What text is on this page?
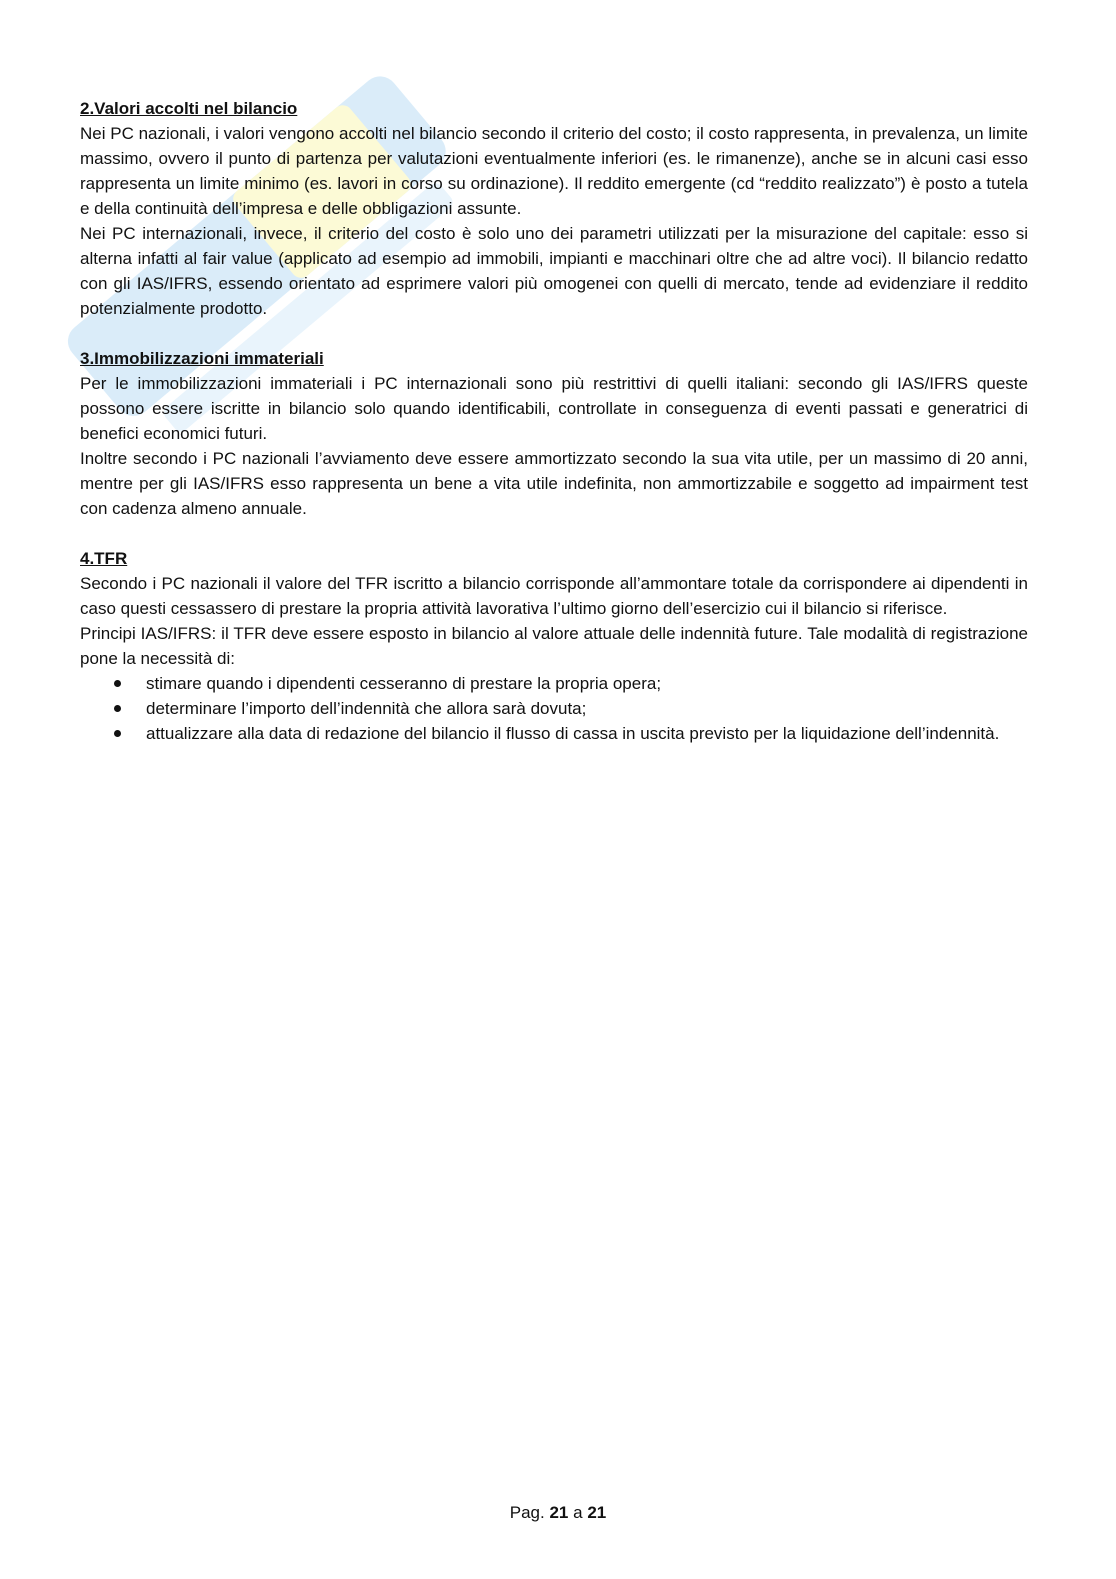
2.Valori accolti nel bilancio

Nei PC nazionali, i valori vengono accolti nel bilancio secondo il criterio del costo; il costo rappresenta, in prevalenza, un limite massimo, ovvero il punto di partenza per valutazioni eventualmente inferiori (es. le rimanenze), anche se in alcuni casi esso rappresenta un limite minimo (es. lavori in corso su ordinazione). Il reddito emergente (cd “reddito realizzato”) è posto a tutela e della continuità dell’impresa e delle obbligazioni assunte.

Nei PC internazionali, invece, il criterio del costo è solo uno dei parametri utilizzati per la misurazione del capitale: esso si alterna infatti al fair value (applicato ad esempio ad immobili, impianti e macchinari oltre che ad altre voci). Il bilancio redatto con gli IAS/IFRS, essendo orientato ad esprimere valori più omogenei con quelli di mercato, tende ad evidenziare il reddito potenzialmente prodotto.

3.Immobilizzazioni immateriali

Per le immobilizzazioni immateriali i PC internazionali sono più restrittivi di quelli italiani: secondo gli IAS/IFRS queste possono essere iscritte in bilancio solo quando identificabili, controllate in conseguenza di eventi passati e generatrici di benefici economici futuri.

Inoltre secondo i PC nazionali l’avviamento deve essere ammortizzato secondo la sua vita utile, per un massimo di 20 anni, mentre per gli IAS/IFRS esso rappresenta un bene a vita utile indefinita, non ammortizzabile e soggetto ad impairment test con cadenza almeno annuale.

4.TFR

Secondo i PC nazionali il valore del TFR iscritto a bilancio corrisponde all’ammontare totale da corrispondere ai dipendenti in caso questi cessassero di prestare la propria attività lavorativa l’ultimo giorno dell’esercizio cui il bilancio si riferisce.

Principi IAS/IFRS: il TFR deve essere esposto in bilancio al valore attuale delle indennità future. Tale modalità di registrazione pone la necessità di:

stimare quando i dipendenti cesseranno di prestare la propria opera;
determinare l’importo dell’indennità che allora sarà dovuta;
attualizzare alla data di redazione del bilancio il flusso di cassa in uscita previsto per la liquidazione dell’indennità.
Pag. 21 a 21
